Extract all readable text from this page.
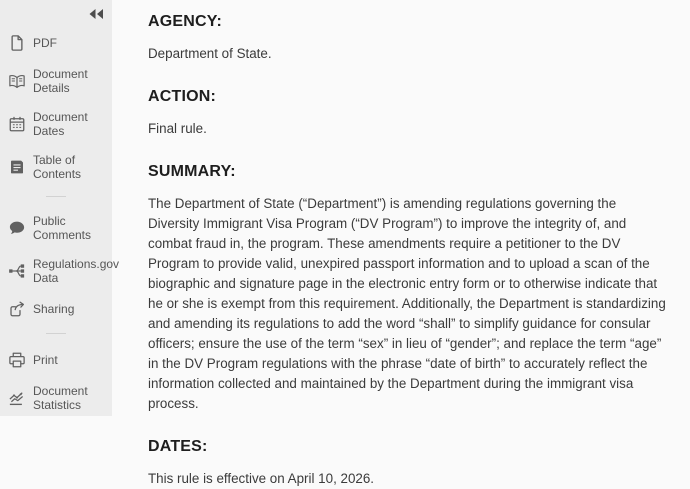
PDF
Document Details
Document Dates
Table of Contents
Public Comments
Regulations.gov Data
Sharing
Print
Document Statistics
AGENCY:

Department of State.

ACTION:

Final rule.

SUMMARY:

The Department of State (“Department”) is amending regulations governing the Diversity Immigrant Visa Program (“DV Program”) to improve the integrity of, and combat fraud in, the program. These amendments require a petitioner to the DV Program to provide valid, unexpired passport information and to upload a scan of the biographic and signature page in the electronic entry form or to otherwise indicate that he or she is exempt from this requirement. Additionally, the Department is standardizing and amending its regulations to add the word “shall” to simplify guidance for consular officers; ensure the use of the term “sex” in lieu of “gender”; and replace the term “age” in the DV Program regulations with the phrase “date of birth” to accurately reflect the information collected and maintained by the Department during the immigrant visa process.

DATES:

This rule is effective on April 10, 2026.
